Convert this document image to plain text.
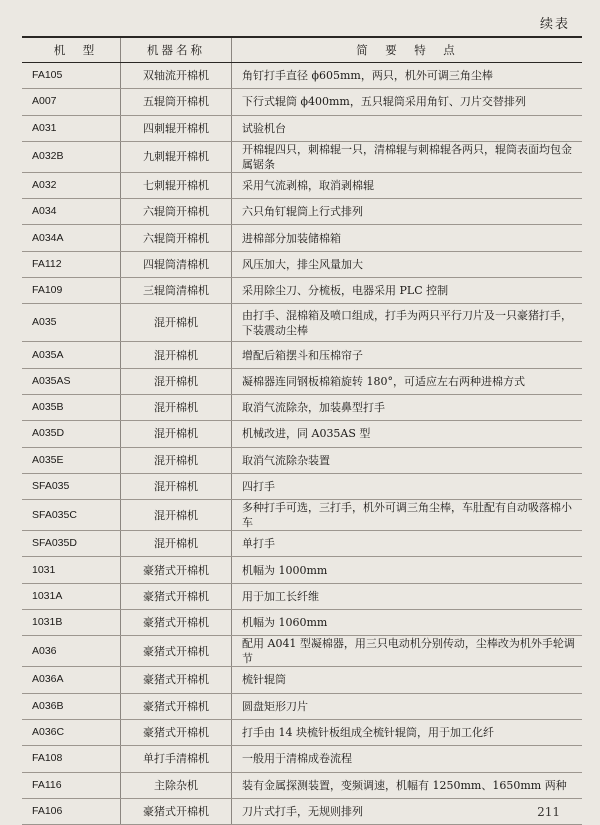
续表
机　型	机器名称	简　要　特　点
FA105	双轴流开棉机	角钉打手直径 ϕ605mm，两只，机外可调三角尘棒
A007	五辊筒开棉机	下行式辊筒 ϕ400mm，五只辊筒采用角钉、刀片交替排列
A031	四刺辊开棉机	试验机台
A032B	九刺辊开棉机	开棉辊四只，刺棉辊一只，清棉辊与刺棉辊各两只，辊筒表面均包金属锯条
A032	七刺辊开棉机	采用气流剥棉，取消剥棉辊
A034	六辊筒开棉机	六只角钉辊筒上行式排列
A034A	六辊筒开棉机	进棉部分加装储棉箱
FA112	四辊筒清棉机	风压加大，排尘风量加大
FA109	三辊筒清棉机	采用除尘刀、分梳板，电器采用 PLC 控制
A035	混开棉机	由打手、混棉箱及喷口组成，打手为两只平行刀片及一只豪猪打手，下装震动尘棒
A035A	混开棉机	增配后箱摆斗和压棉帘子
A035AS	混开棉机	凝棉器连同钢板棉箱旋转 180°，可适应左右两种进棉方式
A035B	混开棉机	取消气流除杂，加装鼻型打手
A035D	混开棉机	机械改进，同 A035AS 型
A035E	混开棉机	取消气流除杂装置
SFA035	混开棉机	四打手
SFA035C	混开棉机	多种打手可选，三打手，机外可调三角尘棒，车肚配有自动吸落棉小车
SFA035D	混开棉机	单打手
1031	豪猪式开棉机	机幅为 1000mm
1031A	豪猪式开棉机	用于加工长纤维
1031B	豪猪式开棉机	机幅为 1060mm
A036	豪猪式开棉机	配用 A041 型凝棉器，用三只电动机分别传动，尘棒改为机外手轮调节
A036A	豪猪式开棉机	梳针辊筒
A036B	豪猪式开棉机	圆盘矩形刀片
A036C	豪猪式开棉机	打手由 14 块梳针板组成全梳针辊筒，用于加工化纤
FA108	单打手清棉机	一般用于清棉成卷流程
FA116	主除杂机	装有金属探测装置，变频调速，机幅有 1250mm、1650mm 两种
FA106	豪猪式开棉机	刀片式打手，无规则排列	211
